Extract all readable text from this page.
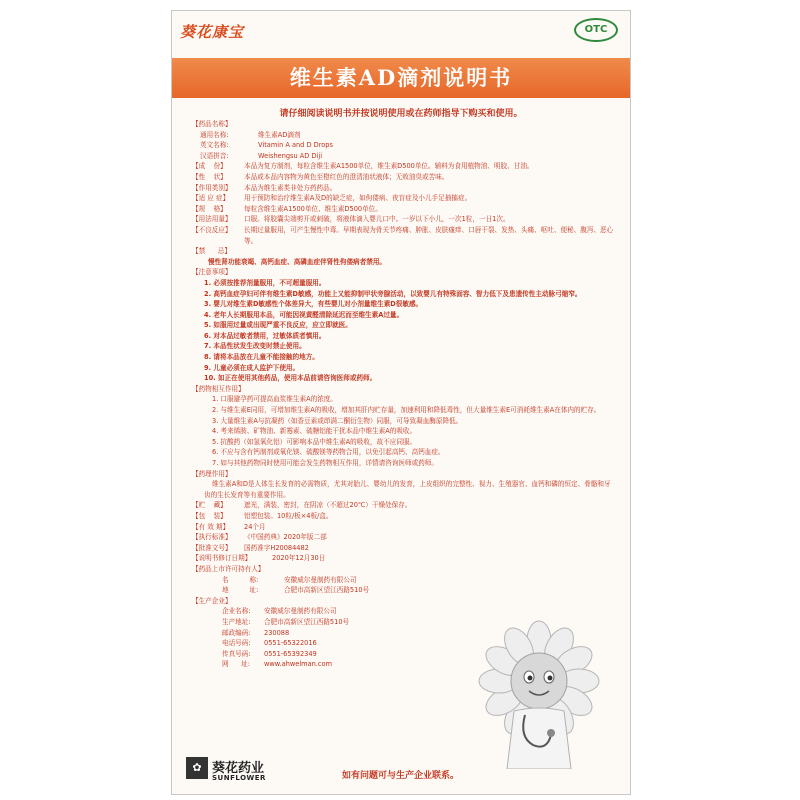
葵花康宝	OTC
维生素AD滴剂说明书
请仔细阅读说明书并按说明使用或在药师指导下购买和使用。
【药品名称】
通用名称:	维生素AD滴剂
英文名称:	Vitamin A and D Drops
汉语拼音:	Weishengsu AD Diji
【成    份】	本品为复方制剂，每粒含维生素A1500单位，维生素D500单位。辅料为食用植物油、明胶、甘油。
【性    状】	本品或本品内容物为黄色至橙红色的澄清油状液体；无败油臭或苦味。
【作用类别】	本品为维生素类非处方药药品。
【适 应 症】	用于预防和治疗维生素A及D的缺乏症，如佝偻病、夜盲症及小儿手足抽搐症。
【规    格】	每粒含维生素A1500单位、维生素D500单位。
【用法用量】	口服。将胶囊尖端剪开或刺破，将液体滴入婴儿口中。一岁以下小儿，一次1粒，一日1次。
【不良反应】	长期过量服用，可产生慢性中毒。早期表现为骨关节疼痛、肿胀、皮肤瘙痒、口唇干裂、发热、头痛、呕吐、便秘、腹泻、恶心等。
【禁      忌】
慢性肾功能衰竭、高钙血症、高磷血症伴肾性佝偻病者禁用。
【注意事项】
1. 必须按推荐剂量服用，不可超量服用。
2. 高钙血症孕妇可伴有维生素D敏感，功能上又能抑制甲状旁腺活动，以致婴儿有特殊面容、智力低下及患遗传性主动脉弓缩窄。
3. 婴儿对维生素D敏感性个体差异大，有些婴儿对小剂量维生素D很敏感。
4. 老年人长期服用本品，可能因视黄醛清除延迟而至维生素A过量。
5. 如服用过量或出现严重不良反应，应立即就医。
6. 对本品过敏者禁用，过敏体质者慎用。
7. 本品性状发生改变时禁止使用。
8. 请将本品放在儿童不能接触的地方。
9. 儿童必须在成人监护下使用。
10. 如正在使用其他药品，使用本品前请咨询医师或药师。
【药物相互作用】
1. 口服避孕药可提高血浆维生素A的浓度。
2. 与维生素E同用，可增加维生素A的吸收，增加其肝内贮存量，加速利用和降低毒性，但大量维生素E可消耗维生素A在体内的贮存。
3. 大量维生素A与抗凝药（如香豆素或茚满二酮衍生物）同服，可导致凝血酶原降低。
4. 考来烯胺、矿物油、新霉素、硫糖铝能干扰本品中维生素A的吸收。
5. 抗酸药（如氢氧化铝）可影响本品中维生素A的吸收，故不应同服。
6. 不应与含有钙制剂或氧化镁、硫酸镁等药物合用，以免引起高钙、高钙血症。
7. 如与其他药物同时使用可能会发生药物相互作用，详情请咨询医师或药师。
【药理作用】
维生素A和D是人体生长发育的必需物质，尤其对胎儿、婴幼儿的发育，上皮组织的完整性、视力、生殖器官、血钙和磷的恒定、骨骼和牙齿的生长发育等有重要作用。
【贮    藏】	遮光，满装，密封，在阴凉（不超过20℃）干燥处保存。
【包    装】	铝塑包装。10粒/板×4板/盒。
【有 效 期】	24个月
【执行标准】	《中国药典》2020年版二部
【批准文号】	国药准字H20084482
【说明书修订日期】	2020年12月30日
【药品上市许可持有人】
名          称:	安徽威尔曼制药有限公司
地          址:	合肥市高新区望江西路510号
【生产企业】
企业名称:	安徽威尔曼制药有限公司
生产地址:	合肥市高新区望江西路510号
邮政编码:	230088
电话号码:	0551-65322016
传真号码:	0551-65392349
网      址:	www.ahwelman.com
✿ 葵花药业
SUNFLOWER	如有问题可与生产企业联系。
